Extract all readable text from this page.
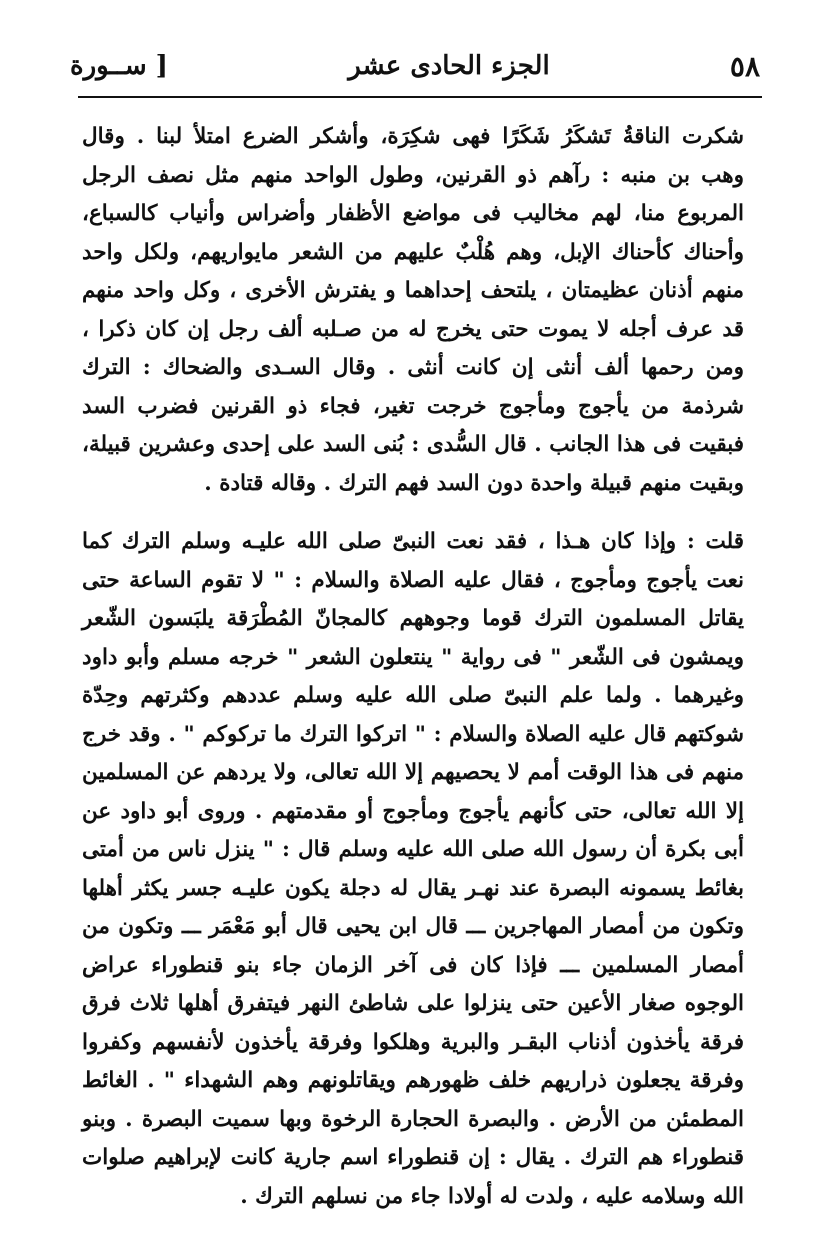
٥٨
الجزء الحادى عشر
[ ســورة

شكرت الناقةُ تَشكَرُ شَكَرًا فهى شكِرَة، وأشكر الضرع امتلأ لبنا . وقال وهب بن منبه : رآهم ذو القرنين، وطول الواحد منهم مثل نصف الرجل المربوع منا، لهم مخاليب فى مواضع الأظفار وأضراس وأنياب كالسباع، وأحناك كأحناك الإبل، وهم هُلْبٌ عليهم من الشعر مايواريهم، ولكل واحد منهم أذنان عظيمتان ، يلتحف إحداهما و يفترش الأخرى ، وكل واحد منهم قد عرف أجله لا يموت حتى يخرج له من صـلبه ألف رجل إن كان ذكرا ، ومن رحمها ألف أنثى إن كانت أنثى . وقال السـدى والضحاك : الترك شرذمة من يأجوج ومأجوج خرجت تغير، فجاء ذو القرنين فضرب السد فبقيت فى هذا الجانب . قال السُّدى : بُنى السد على إحدى وعشرين قبيلة، وبقيت منهم قبيلة واحدة دون السد فهم الترك . وقاله قتادة .

قلت : وإذا كان هـذا ، فقد نعت النبىّ صلى الله عليـه وسلم الترك كما نعت يأجوج ومأجوج ، فقال عليه الصلاة والسلام : " لا تقوم الساعة حتى يقاتل المسلمون الترك قوما وجوههم كالمجانّ المُطْرَقة يلبَسون الشّعر ويمشون فى الشّعر " فى رواية " ينتعلون الشعر " خرجه مسلم وأبو داود وغيرهما . ولما علم النبىّ صلى الله عليه وسلم عددهم وكثرتهم وحِدّة شوكتهم قال عليه الصلاة والسلام : " اتركوا الترك ما تركوكم " . وقد خرج منهم فى هذا الوقت أمم لا يحصيهم إلا الله تعالى، ولا يردهم عن المسلمين إلا الله تعالى، حتى كأنهم يأجوج ومأجوج أو مقدمتهم . وروى أبو داود عن أبى بكرة أن رسول الله صلى الله عليه وسلم قال : " ينزل ناس من أمتى بغائط يسمونه البصرة عند نهـر يقال له دجلة يكون عليـه جسر يكثر أهلها وتكون من أمصار المهاجرين ـــ قال ابن يحيى قال أبو مَعْمَر ـــ وتكون من أمصار المسلمين ـــ فإذا كان فى آخر الزمان جاء بنو قنطوراء عراض الوجوه صغار الأعين حتى ينزلوا على شاطئ النهر فيتفرق أهلها ثلاث فرق فرقة يأخذون أذناب البقـر والبرية وهلكوا وفرقة يأخذون لأنفسهم وكفروا وفرقة يجعلون ذراريهم خلف ظهورهم ويقاتلونهم وهم الشهداء " . الغائط المطمئن من الأرض . والبصرة الحجارة الرخوة وبها سميت البصرة . وبنو قنطوراء هم الترك . يقال : إن قنطوراء اسم جارية كانت لإبراهيم صلوات الله وسلامه عليه ، ولدت له أولادا جاء من نسلهم الترك .
